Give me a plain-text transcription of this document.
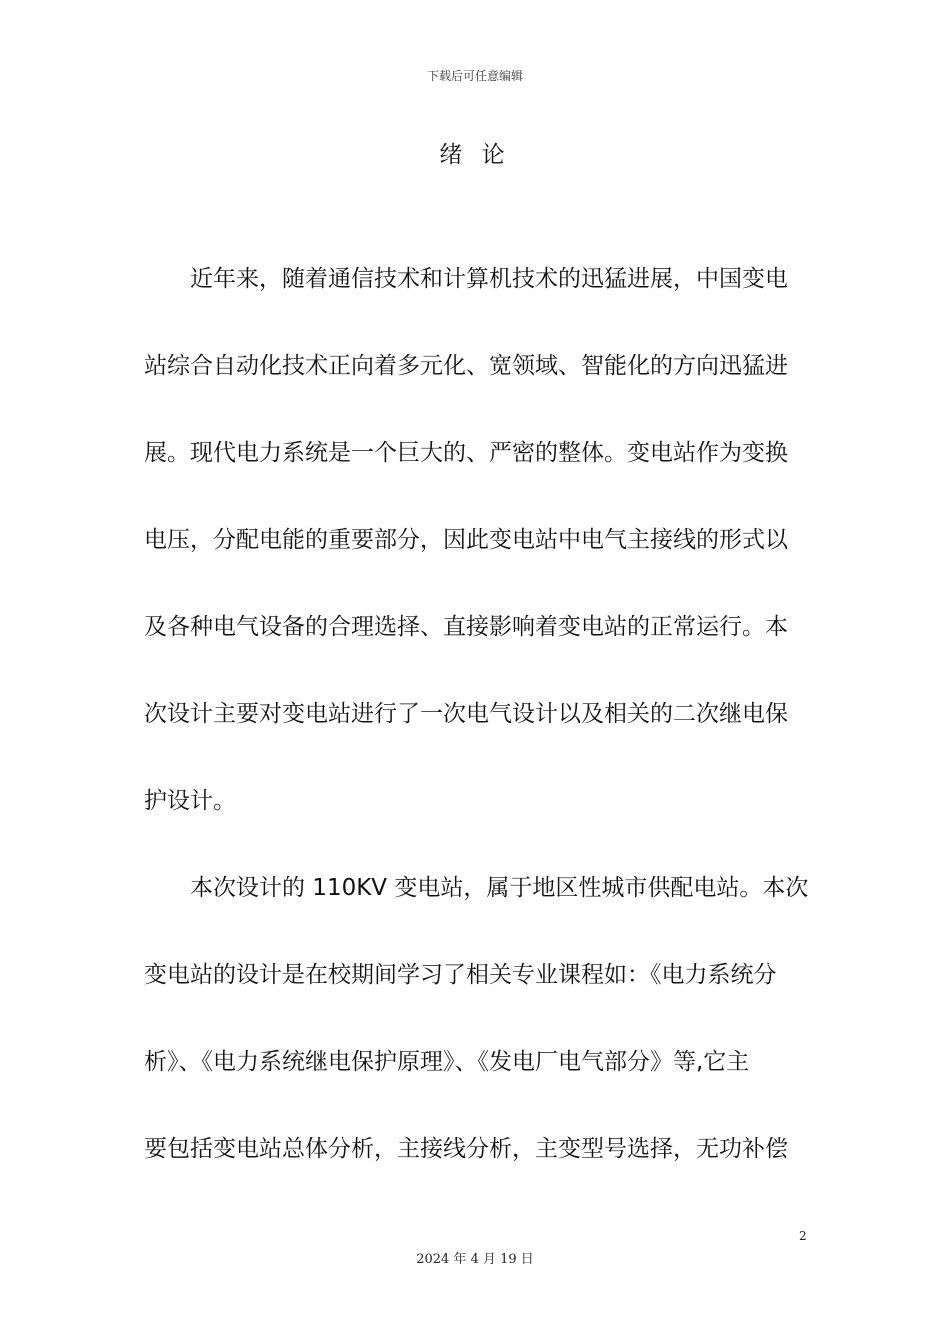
下载后可任意编辑
绪 论
近年来，随着通信技术和计算机技术的迅猛进展，中国变电
站综合自动化技术正向着多元化、宽领域、智能化的方向迅猛进
展。现代电力系统是一个巨大的、严密的整体。变电站作为变换
电压，分配电能的重要部分，因此变电站中电气主接线的形式以
及各种电气设备的合理选择、直接影响着变电站的正常运行。本
次设计主要对变电站进行了一次电气设计以及相关的二次继电保
护设计。
本次设计的 110KV 变电站，属于地区性城市供配电站。本次
变电站的设计是在校期间学习了相关专业课程如：《电力系统分
析》、《电力系统继电保护原理》、《发电厂电气部分》等,它主
要包括变电站总体分析，主接线分析，主变型号选择，无功补偿
2
2024 年 4 月 19 日
